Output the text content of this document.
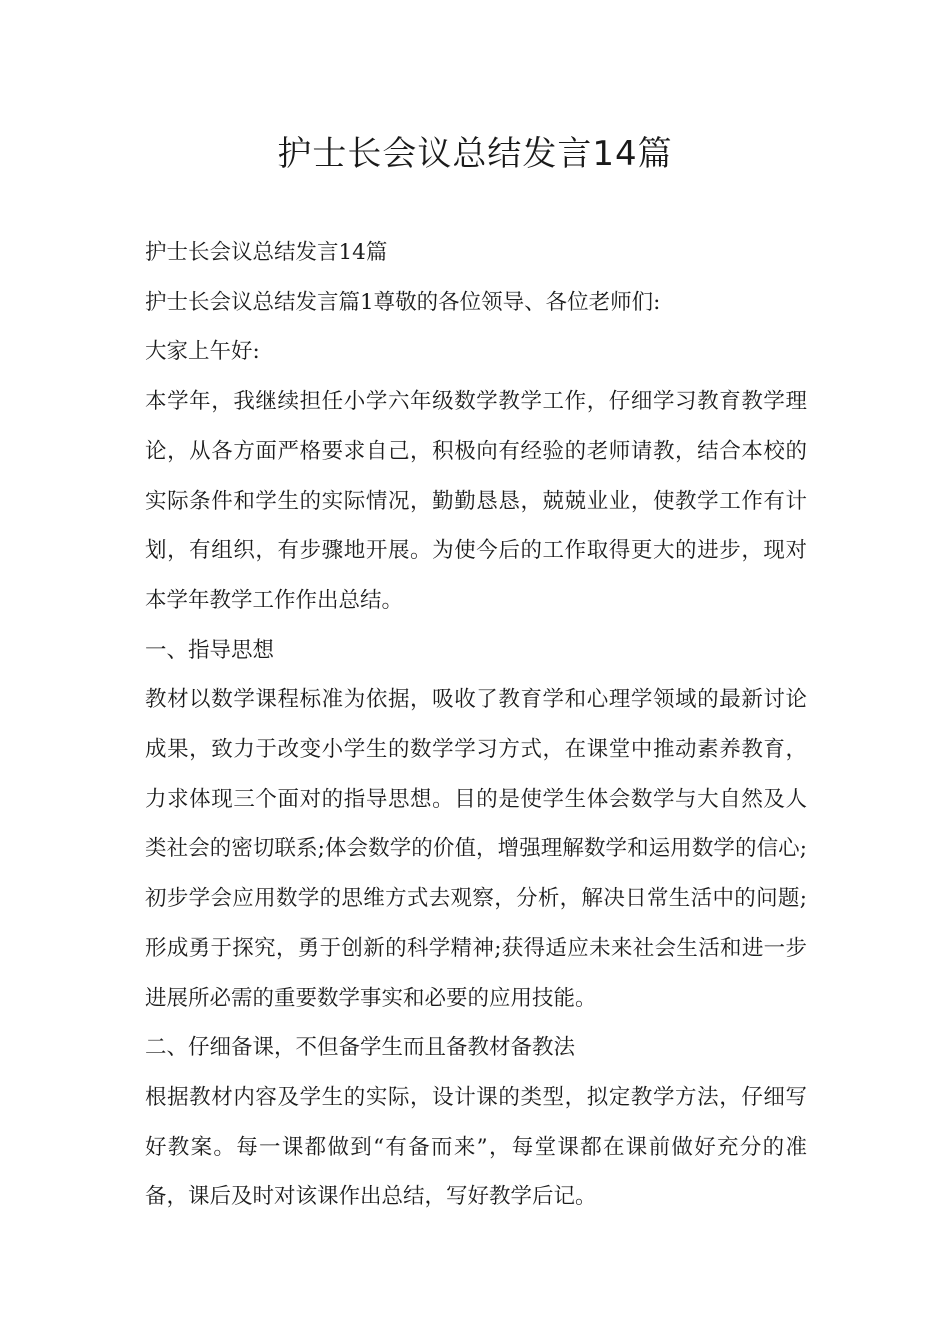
护士长会议总结发言14篇

护士长会议总结发言14篇

护士长会议总结发言篇1尊敬的各位领导、各位老师们:

大家上午好:

本学年，我继续担任小学六年级数学教学工作，仔细学习教育教学理论，从各方面严格要求自己，积极向有经验的老师请教，结合本校的实际条件和学生的实际情况，勤勤恳恳，兢兢业业，使教学工作有计划，有组织，有步骤地开展。为使今后的工作取得更大的进步，现对本学年教学工作作出总结。

一、指导思想

教材以数学课程标准为依据，吸收了教育学和心理学领域的最新讨论成果，致力于改变小学生的数学学习方式，在课堂中推动素养教育，力求体现三个面对的指导思想。目的是使学生体会数学与大自然及人类社会的密切联系;体会数学的价值，增强理解数学和运用数学的信心;初步学会应用数学的思维方式去观察，分析，解决日常生活中的问题;形成勇于探究，勇于创新的科学精神;获得适应未来社会生活和进一步进展所必需的重要数学事实和必要的应用技能。

二、仔细备课，不但备学生而且备教材备教法

根据教材内容及学生的实际，设计课的类型，拟定教学方法，仔细写好教案。每一课都做到“有备而来”，每堂课都在课前做好充分的准备，课后及时对该课作出总结，写好教学后记。
